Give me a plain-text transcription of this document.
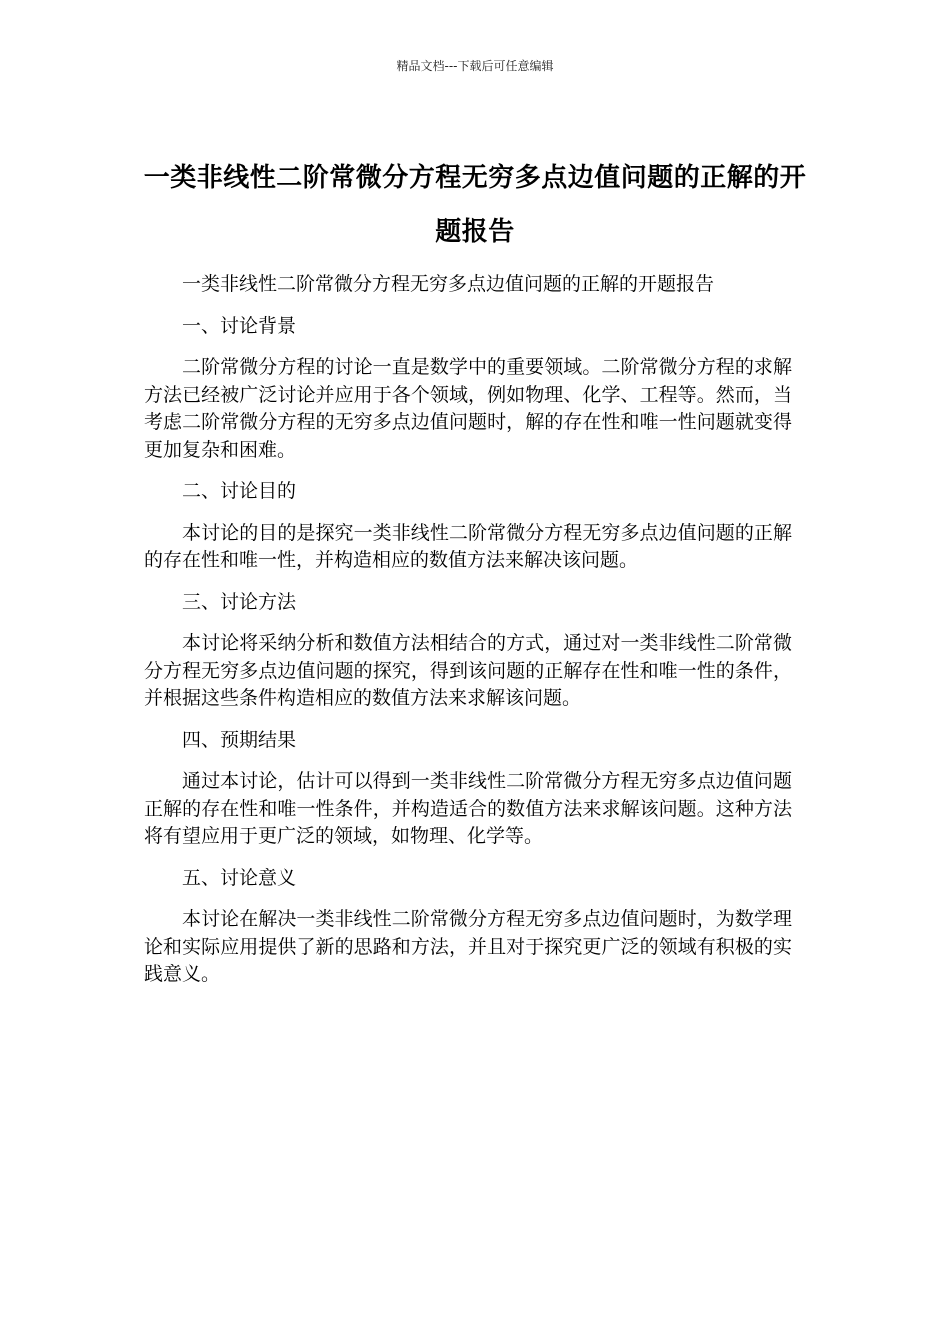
精品文档---下载后可任意编辑
一类非线性二阶常微分方程无穷多点边值问题的正解的开题报告

一类非线性二阶常微分方程无穷多点边值问题的正解的开题报告

一、讨论背景

二阶常微分方程的讨论一直是数学中的重要领域。二阶常微分方程的求解方法已经被广泛讨论并应用于各个领域，例如物理、化学、工程等。然而，当考虑二阶常微分方程的无穷多点边值问题时，解的存在性和唯一性问题就变得更加复杂和困难。

二、讨论目的

本讨论的目的是探究一类非线性二阶常微分方程无穷多点边值问题的正解的存在性和唯一性，并构造相应的数值方法来解决该问题。

三、讨论方法

本讨论将采纳分析和数值方法相结合的方式，通过对一类非线性二阶常微分方程无穷多点边值问题的探究，得到该问题的正解存在性和唯一性的条件，并根据这些条件构造相应的数值方法来求解该问题。

四、预期结果

通过本讨论，估计可以得到一类非线性二阶常微分方程无穷多点边值问题正解的存在性和唯一性条件，并构造适合的数值方法来求解该问题。这种方法将有望应用于更广泛的领域，如物理、化学等。

五、讨论意义

本讨论在解决一类非线性二阶常微分方程无穷多点边值问题时，为数学理论和实际应用提供了新的思路和方法，并且对于探究更广泛的领域有积极的实践意义。
